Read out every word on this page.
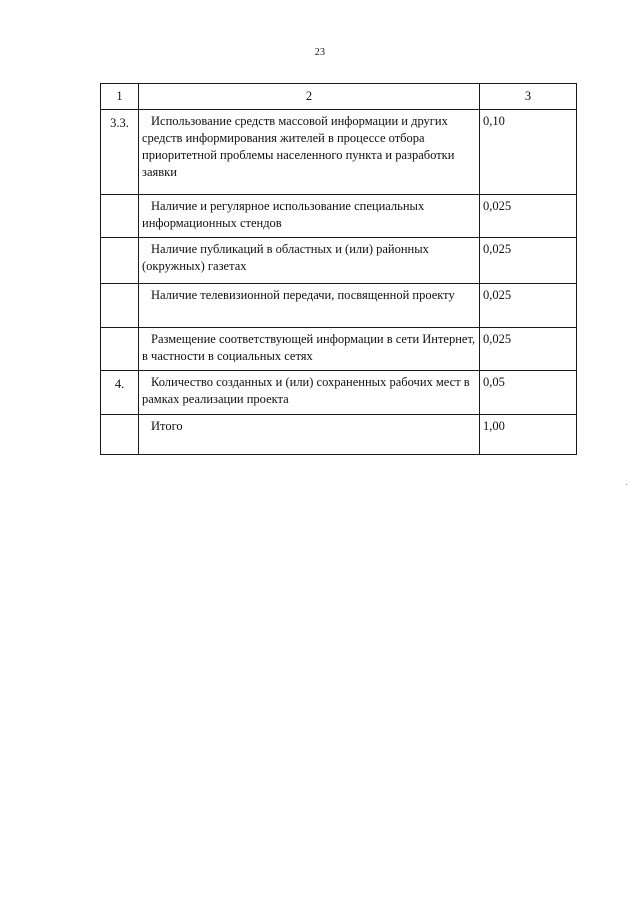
23
1	2	3
3.3.	Использование средств массовой информации и других средств информирования жителей в процессе отбора приоритетной проблемы населенного пункта и разработки заявки	0,10

	Наличие и регулярное использование специальных информационных стендов	0,025

	Наличие публикаций в областных и (или) районных (окружных) газетах	0,025

	Наличие телевизионной передачи, посвященной проекту	0,025

	Размещение соответствующей информации в сети Интернет, в частности в социальных сетях	0,025
4.	Количество созданных и (или) сохраненных рабочих мест в рамках реализации проекта	0,05

	Итого	1,00
